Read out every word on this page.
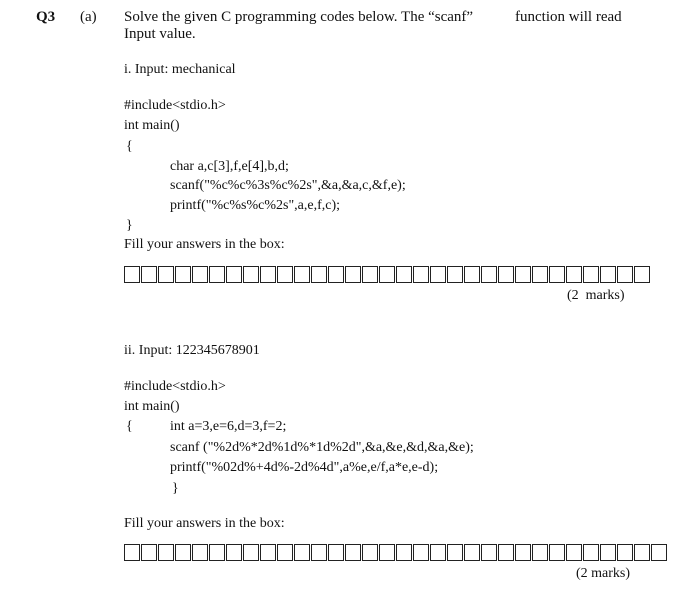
Q3 (a) Solve the given C programming codes below. The “scanf”	function will read
Input value.
i. Input: mechanical
#include<stdio.h>
int main()
{
char a,c[3],f,e[4],b,d;
scanf("%c%c%3s%c%2s",&a,&a,c,&f,e);
printf("%c%s%c%2s",a,e,f,c);
}
Fill your answers in the box:
(2  marks)
ii. Input: 122345678901
#include<stdio.h>
int main()
{	int a=3,e=6,d=3,f=2;
scanf ("%2d%*2d%1d%*1d%2d",&a,&e,&d,&a,&e);
printf("%02d%+4d%-2d%4d",a%e,e/f,a*e,e-d);
}
Fill your answers in the box:
(2 marks)
